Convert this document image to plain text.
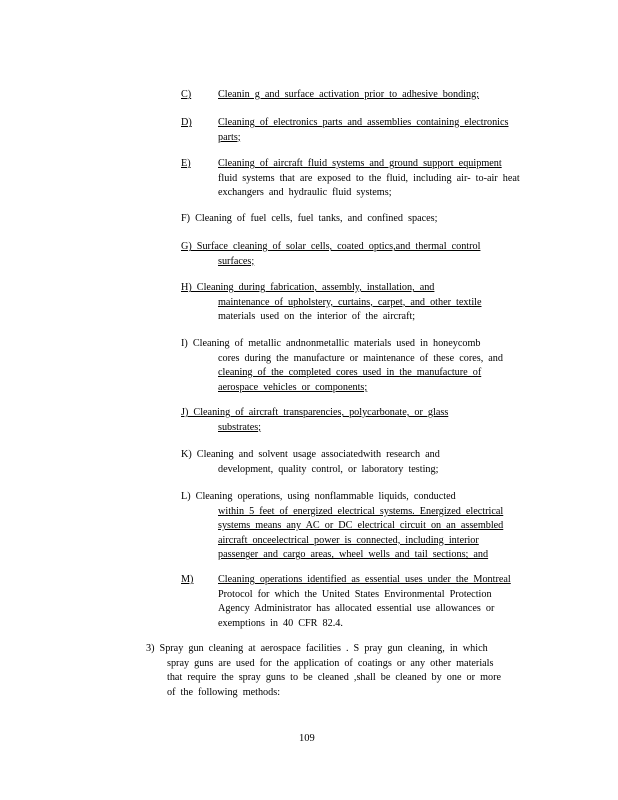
C)	Cleanin g and surface activation prior to adhesive bonding;
D)	Cleaning of electronics parts and assemblies containing electronics
parts;
E)	Cleaning of aircraft fluid systems and ground support equipment
fluid systems that are exposed to the fluid, including air- to-air heat
exchangers and hydraulic fluid systems;
F) Cleaning of fuel cells, fuel tanks, and confined spaces;
G) Surface cleaning of solar cells, coated optics,and thermal control
surfaces;
H) Cleaning during fabrication, assembly, installation, and
maintenance of upholstery, curtains, carpet, and other textile
materials used on the interior of the aircraft;
I) Cleaning of metallic andnonmetallic materials used in honeycomb
cores during the manufacture or maintenance of these cores, and
cleaning of the completed cores used in the manufacture of
aerospace vehicles or components;
J) Cleaning of aircraft transparencies, polycarbonate, or glass
substrates;
K) Cleaning and solvent usage associatedwith research and
development, quality control, or laboratory testing;
L) Cleaning operations, using nonflammable liquids, conducted
within 5 feet of energized electrical systems. Energized electrical
systems means any AC or DC electrical circuit on an assembled
aircraft onceelectrical power is connected, including interior
passenger and cargo areas, wheel wells and tail sections; and
M)	Cleaning operations identified as essential uses under the Montreal
Protocol for which the United States Environmental Protection
Agency Administrator has allocated essential use allowances or
exemptions in 40 CFR 82.4.
3) Spray gun cleaning at aerospace facilities . S pray gun cleaning, in which
spray guns are used for the application of coatings or any other materials
that require the spray guns to be cleaned ,shall be cleaned by one or more
of the following methods:
109
